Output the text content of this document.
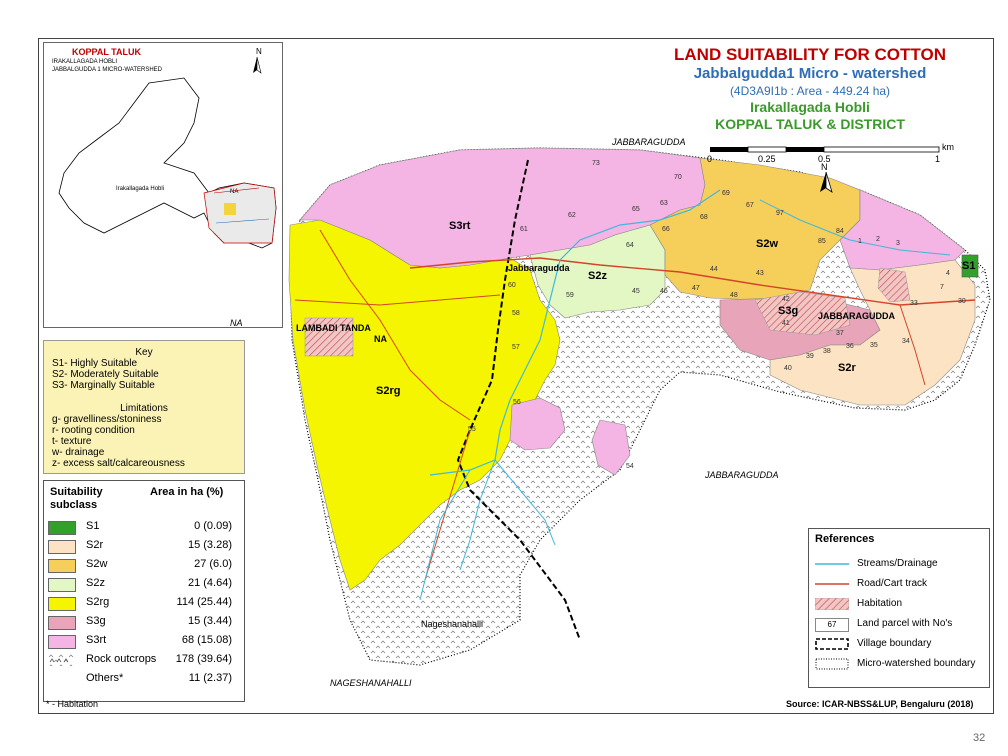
KOPPAL TALUK
IRAKALLAGADA HOBLI
JABBALGUDDA 1 MICRO-WATERSHED
N
Irakallagada Hobli	NA
LAND SUITABILITY FOR COTTON
Jabbalgudda1 Micro - watershed
(4D3A9I1b : Area - 449.24 ha)
Irakallagada Hobli
KOPPAL TALUK & DISTRICT
0	0.25	0.5	1
km
N
JABBARAGUDDA
Jabbaragudda
JABBARAGUDDA
JABBARAGUDDA
LAMBADI TANDA
NA
NA
Nageshanahalli
NAGESHANAHALLI
S3rt
S2w
S2z
S3g
S2r
S2rg
S1
73
70
69
67
62
61
65
66
68
64
60
59
45
44
43
47
48
42
41
37
36 35
40
39
38
57
58
55
56
54
34
46
97
85
84
63
33	30
3
2
1
4
7
Key
S1- Highly Suitable
S2- Moderately Suitable
S3- Marginally Suitable
Limitations
g- gravelliness/stoniness
r- rooting condition
t- texture
w- drainage
z- excess salt/calcareousness
Suitability
subclass
Area in ha (%)
S1	0 (0.09)
S2r	15 (3.28)
S2w	27 (6.0)
S2z	21 (4.64)
S2rg	114 (25.44)
S3g	15 (3.44)
S3rt	68 (15.08)
Rock outcrops 178 (39.64)
Others*	11 (2.37)
* - Habitation
References
Streams/Drainage
Road/Cart track
Habitation
67	Land parcel with No's
Village boundary
Micro-watershed boundary
Source: ICAR-NBSS&LUP, Bengaluru (2018)
32
